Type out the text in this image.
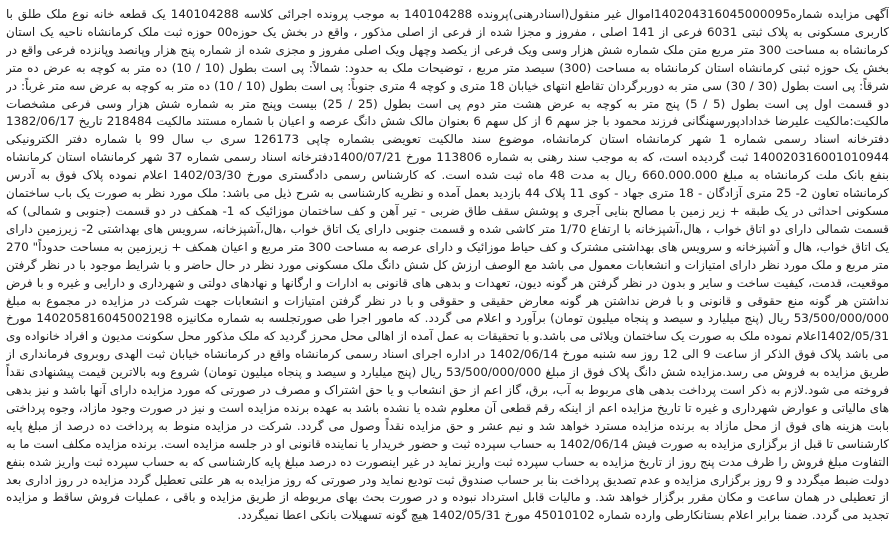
آگهی مزایده شماره140204316045000095اموال غیر منقول(اسنادرهنی)پرونده 140104288 به موجب پرونده اجرائی کلاسه 140104288 یک قطعه خانه نوع ملک طلق با کاربری مسکونی به پلاک ثبتی 6031 فرعی از 141 اصلی ، مفروز و مجزا شده از فرعی از اصلی مذکور ، واقع در بخش یک حوزه00 حوزه ثبت ملک کرمانشاه ناحیه یک استان کرمانشاه به مساحت 300 متر مربع متن ملک شماره شش هزار وسی ویک فرعی از یکصد وچهل ویک اصلی مفروز و مجزی شده از شماره پنج هزار وپانصد وپانزده فرعی واقع در بخش یک حوزه ثبتی کرمانشاه استان کرمانشاه به مساحت (300) سیصد متر مربع ، توضیحات ملک به حدود: شمالاً: پی است بطول (10 / 10) ده متر به کوچه به عرض ده متر شرقاً: پی است بطول (30 / 30) سی متر به دوربرگردان تقاطع انتهای خیابان 18 متری و کوچه 4 متری جنوباً: پی است بطول (10 / 10) ده متر به کوچه به عرض سه متر غرباً: در دو قسمت اول پی است بطول (5 / 5) پنج متر به کوچه به عرض هشت متر دوم پی است بطول (25 / 25) بیست وپنج متر به شماره شش هزار وسی فرعی مشخصات مالکیت:مالکیت علیرضا خدادادپورسهنگانی فرزند محمود با جز سهم 6 از کل سهم 6 بعنوان مالک شش دانگ عرصه و اعیان با شماره مستند مالکیت 218484 تاریخ 1382/06/17 دفترخانه اسناد رسمی شماره 1 شهر کرمانشاه استان کرمانشاه، موضوع سند مالکیت تعویضی بشماره چاپی 126173 سری ب سال 99 با شماره دفتر الکترونیکی 140020316001010944 ثبت گردیده است، که به موجب سند رهنی به شماره 113806 مورخ 1400/07/21دفترخانه اسناد رسمی شماره 37 شهر کرمانشاه استان کرمانشاه بنفع بانک ملت کرمانشاه به مبلغ 660.000.000 ریال به مدت 48 ماه ثبت شده است. که کارشناس رسمی دادگستری مورخ 1402/03/30 اعلام نموده پلاک فوق به آدرس کرمانشاه تعاون 2- 25 متری آزادگان - 18 متری جهاد - کوی 11 پلاک 44 بازدید بعمل آمده و نظریه کارشناسی به شرح ذیل می باشد: ملک مورد نظر به صورت یک باب ساختمان مسکونی احداثی در یک طبقه + زیر زمین با مصالح بنایی آجری و پوشش سقف طاق ضربی - تیر آهن و کف ساختمان موزائیک که 1- همکف در دو قسمت (جنوبی و شمالی) که قسمت شمالی دارای دو اتاق خواب ، هال،آشپزخانه با ارتفاع 1/70 متر کاشی شده و قسمت جنوبی دارای یک اتاق خواب ،هال،آشپزخانه، سرویس های بهداشتی 2- زیرزمین دارای یک اتاق خواب، هال و آشپزخانه و سرویس های بهداشتی مشترک و کف حیاط موزائیک و دارای عرصه به مساحت 300 متر مربع و اعیان همکف + زیرزمین به مساحت حدوداً" 270 متر مربع و ملک مورد نظر دارای امتیازات و انشعابات معمول می باشد مع الوصف ارزش کل شش دانگ ملک مسکونی مورد نظر در حال حاضر و با شرایط موجود با در نظر گرفتن موقعیت، قدمت، کیفیت ساخت و سایر و بدون در نظر گرفتن هر گونه دیون، تعهدات و بدهی های قانونی به ادارات و ارگانها و نهادهای دولتی و شهرداری و دارایی و غیره و با فرض نداشتن هر گونه منع حقوقی و قانونی و با فرض نداشتن هر گونه معارض حقیقی و حقوقی و با در نظر گرفتن امتیازات و انشعابات جهت شرکت در مزایده در مجموع به مبلغ 53/500/000/000 ریال (پنج میلیارد و سیصد و پنجاه میلیون تومان) برآورد و اعلام می گردد. که مامور اجرا طی صورتجلسه به شماره مکانیزه 140205816045002198 مورخ 1402/05/31اعلام نموده ملک به صورت یک ساختمان ویلائی می باشد.و با تحقیقات به عمل آمده از اهالی محل محرز گردید که ملک مذکور محل سکونت مدیون و افراد خانواده وی می باشد پلاک فوق الذکر از ساعت 9 الی 12 روز سه شنبه مورخ 1402/06/14 در اداره اجرای اسناد رسمی کرمانشاه واقع در کرمانشاه خیابان ثبت الهدی روبروی فرمانداری از طریق مزایده به فروش می رسد.مزایده شش دانگ پلاک فوق از مبلغ 53/500/000/000 ریال (پنج میلیارد و سیصد و پنجاه میلیون تومان) شروع وبه بالاترین قیمت پیشنهادی نقداً فروخته می شود.لازم به ذکر است پرداخت بدهی های مربوط به آب، برق، گاز اعم از حق انشعاب و یا حق اشتراک و مصرف در صورتی که مورد مزایده دارای آنها باشد و نیز بدهی های مالیاتی و عوارض شهرداری و غیره تا تاریخ مزایده اعم از اینکه رقم قطعی آن معلوم شده یا نشده باشد به عهده برنده مزایده است و نیز در صورت وجود مازاد، وجوه پرداختی بابت هزینه های فوق از محل مازاد به برنده مزایده مسترد خواهد شد و نیم عشر و حق مزایده نقداً وصول می گردد. شرکت در مزایده منوط به پرداخت ده درصد از مبلغ پایه کارشناسی تا قبل از برگزاری مزایده به صورت فیش 1402/06/14 به حساب سپرده ثبت و حضور خریدار یا نماینده قانونی او در جلسه مزایده است. برنده مزایده مکلف است ما به التفاوت مبلغ فروش را ظرف مدت پنج روز از تاریخ مزایده به حساب سپرده ثبت واریز نماید در غیر اینصورت ده درصد مبلغ پایه کارشناسی که به حساب سپرده ثبت واریز شده بنفع دولت ضبط میگردد و 9 روز برگزاری مزایده و عدم تصدیق پرداخت بنا بر حساب صندوق ثبت تودیع نماید ودر صورتی که روز مزایده به هر علتی تعطیل گردد مزایده در روز اداری بعد از تعطیلی در همان ساعت و مکان مقرر برگزار خواهد شد. و مالیات قابل استرداد نبوده و در صورت بحث بهای مربوطه از طریق مزایده و باقی ، عملیات فروش ساقط و مزایده تجدید می گردد. ضمنا برابر اعلام بستانکارطی وارده شماره 45010102 مورخ 1402/05/31 هیچ گونه تسهیلات بانکی اعطا نمیگردد.
